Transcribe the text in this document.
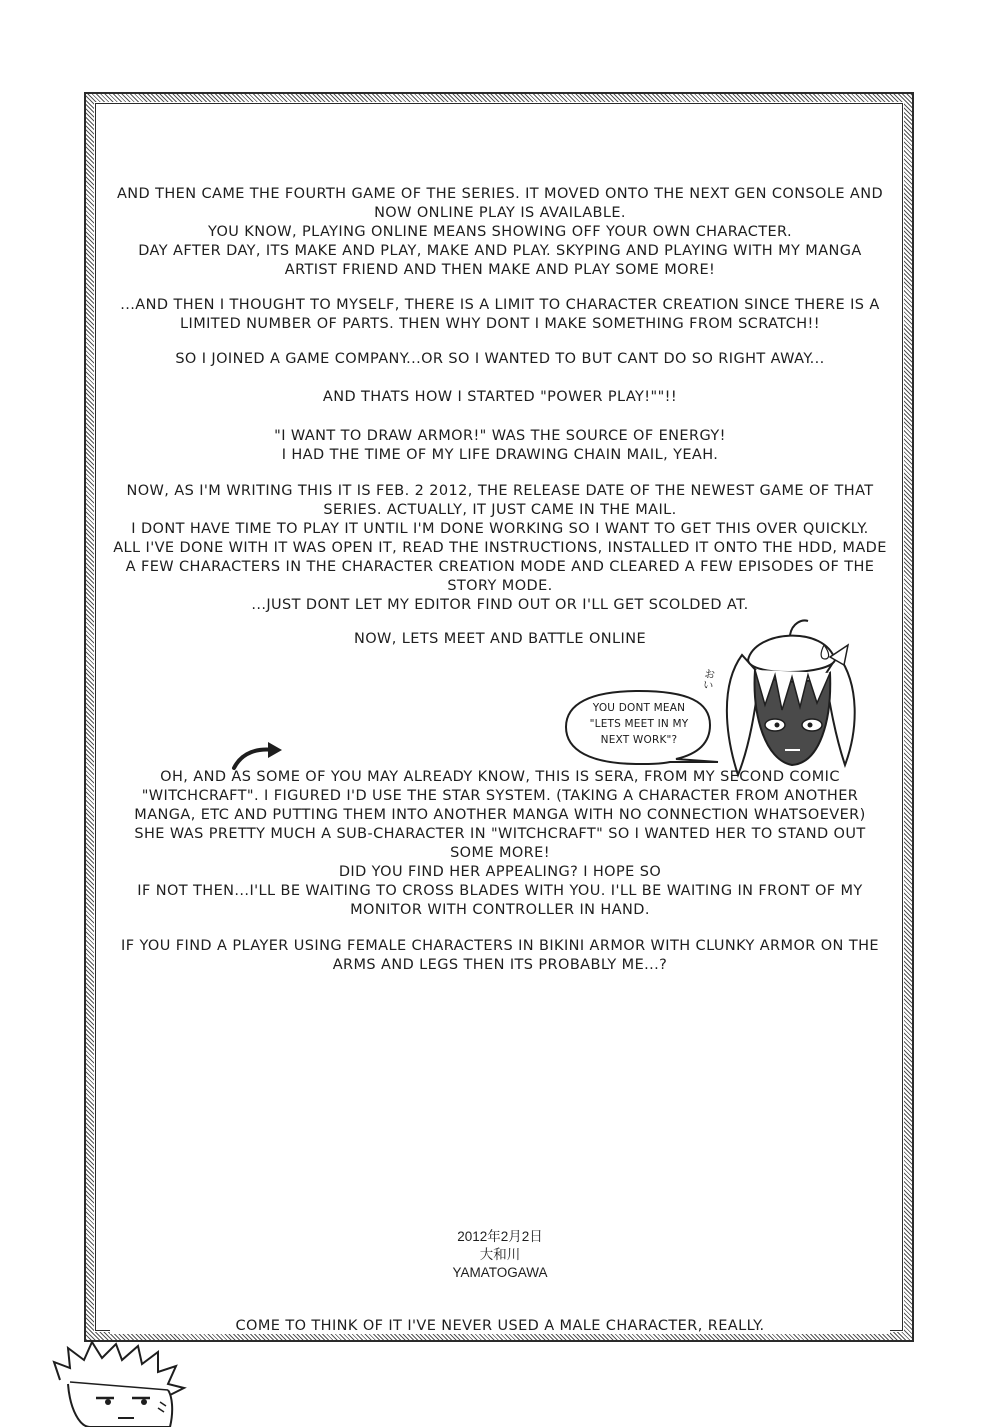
AND THEN CAME THE FOURTH GAME OF THE SERIES. IT MOVED ONTO THE NEXT GEN CONSOLE AND
NOW ONLINE PLAY IS AVAILABLE.
YOU KNOW, PLAYING ONLINE MEANS SHOWING OFF YOUR OWN CHARACTER.
DAY AFTER DAY, ITS MAKE AND PLAY, MAKE AND PLAY. SKYPING AND PLAYING WITH MY MANGA
ARTIST FRIEND AND THEN MAKE AND PLAY SOME MORE!
...AND THEN I THOUGHT TO MYSELF, THERE IS A LIMIT TO CHARACTER CREATION SINCE THERE IS A
LIMITED NUMBER OF PARTS. THEN WHY DONT I MAKE SOMETHING FROM SCRATCH!!
SO I JOINED A GAME COMPANY...OR SO I WANTED TO BUT CANT DO SO RIGHT AWAY...
AND THATS HOW I STARTED "POWER PLAY!""!!
"I WANT TO DRAW ARMOR!" WAS THE SOURCE OF ENERGY!
I HAD THE TIME OF MY LIFE DRAWING CHAIN MAIL, YEAH.
NOW, AS I'M WRITING THIS IT IS FEB. 2 2012, THE RELEASE DATE OF THE NEWEST GAME OF THAT
SERIES. ACTUALLY, IT JUST CAME IN THE MAIL.
I DONT HAVE TIME TO PLAY IT UNTIL I'M DONE WORKING SO I WANT TO GET THIS OVER QUICKLY.
ALL I'VE DONE WITH IT WAS OPEN IT, READ THE INSTRUCTIONS, INSTALLED IT ONTO THE HDD, MADE
A FEW CHARACTERS IN THE CHARACTER CREATION MODE AND CLEARED A FEW EPISODES OF THE
STORY MODE.
...JUST DONT LET MY EDITOR FIND OUT OR I'LL GET SCOLDED AT.
NOW, LETS MEET AND BATTLE ONLINE
YOU DONT MEAN
"LETS MEET IN MY
NEXT WORK"?
おい
OH, AND AS SOME OF YOU MAY ALREADY KNOW, THIS IS SERA, FROM MY SECOND COMIC
"WITCHCRAFT". I FIGURED I'D USE THE STAR SYSTEM. (TAKING A CHARACTER FROM ANOTHER
MANGA, ETC AND PUTTING THEM INTO ANOTHER MANGA WITH NO CONNECTION WHATSOEVER)
SHE WAS PRETTY MUCH A SUB-CHARACTER IN "WITCHCRAFT" SO I WANTED HER TO STAND OUT
SOME MORE!
DID YOU FIND HER APPEALING? I HOPE SO
IF NOT THEN...I'LL BE WAITING TO CROSS BLADES WITH YOU. I'LL BE WAITING IN FRONT OF MY
MONITOR WITH CONTROLLER IN HAND.
IF YOU FIND A PLAYER USING FEMALE CHARACTERS IN BIKINI ARMOR WITH CLUNKY ARMOR ON THE
ARMS AND LEGS THEN ITS PROBABLY ME...?
2012年2月2日
大和川
YAMATOGAWA
COME TO THINK OF IT I'VE NEVER USED A MALE CHARACTER, REALLY.
